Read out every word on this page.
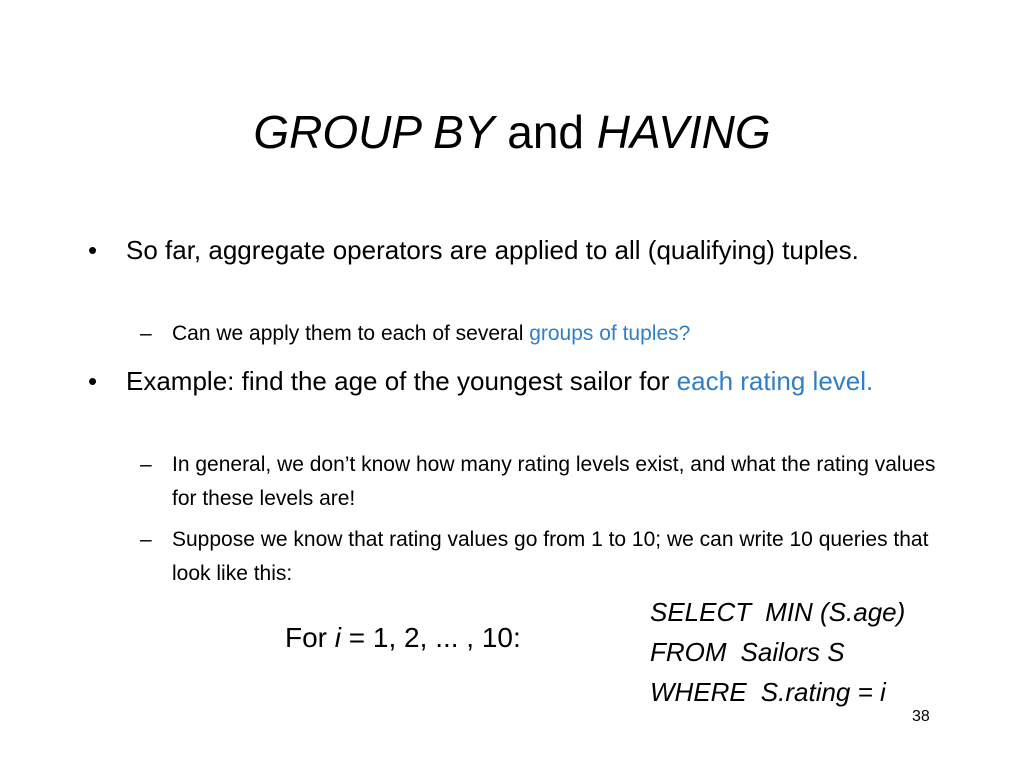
GROUP BY and HAVING
•	So far, aggregate operators are applied to all (qualifying) tuples.
– Can we apply them to each of several groups of tuples?
•	Example: find the age of the youngest sailor for each rating level.
– In general, we don’t know how many rating levels exist, and what the rating values for these levels are!
– Suppose we know that rating values go from 1 to 10; we can write 10 queries that look like this:
For i = 1, 2, ... , 10:
SELECT MIN (S.age)
FROM Sailors S
WHERE S.rating = i
38
